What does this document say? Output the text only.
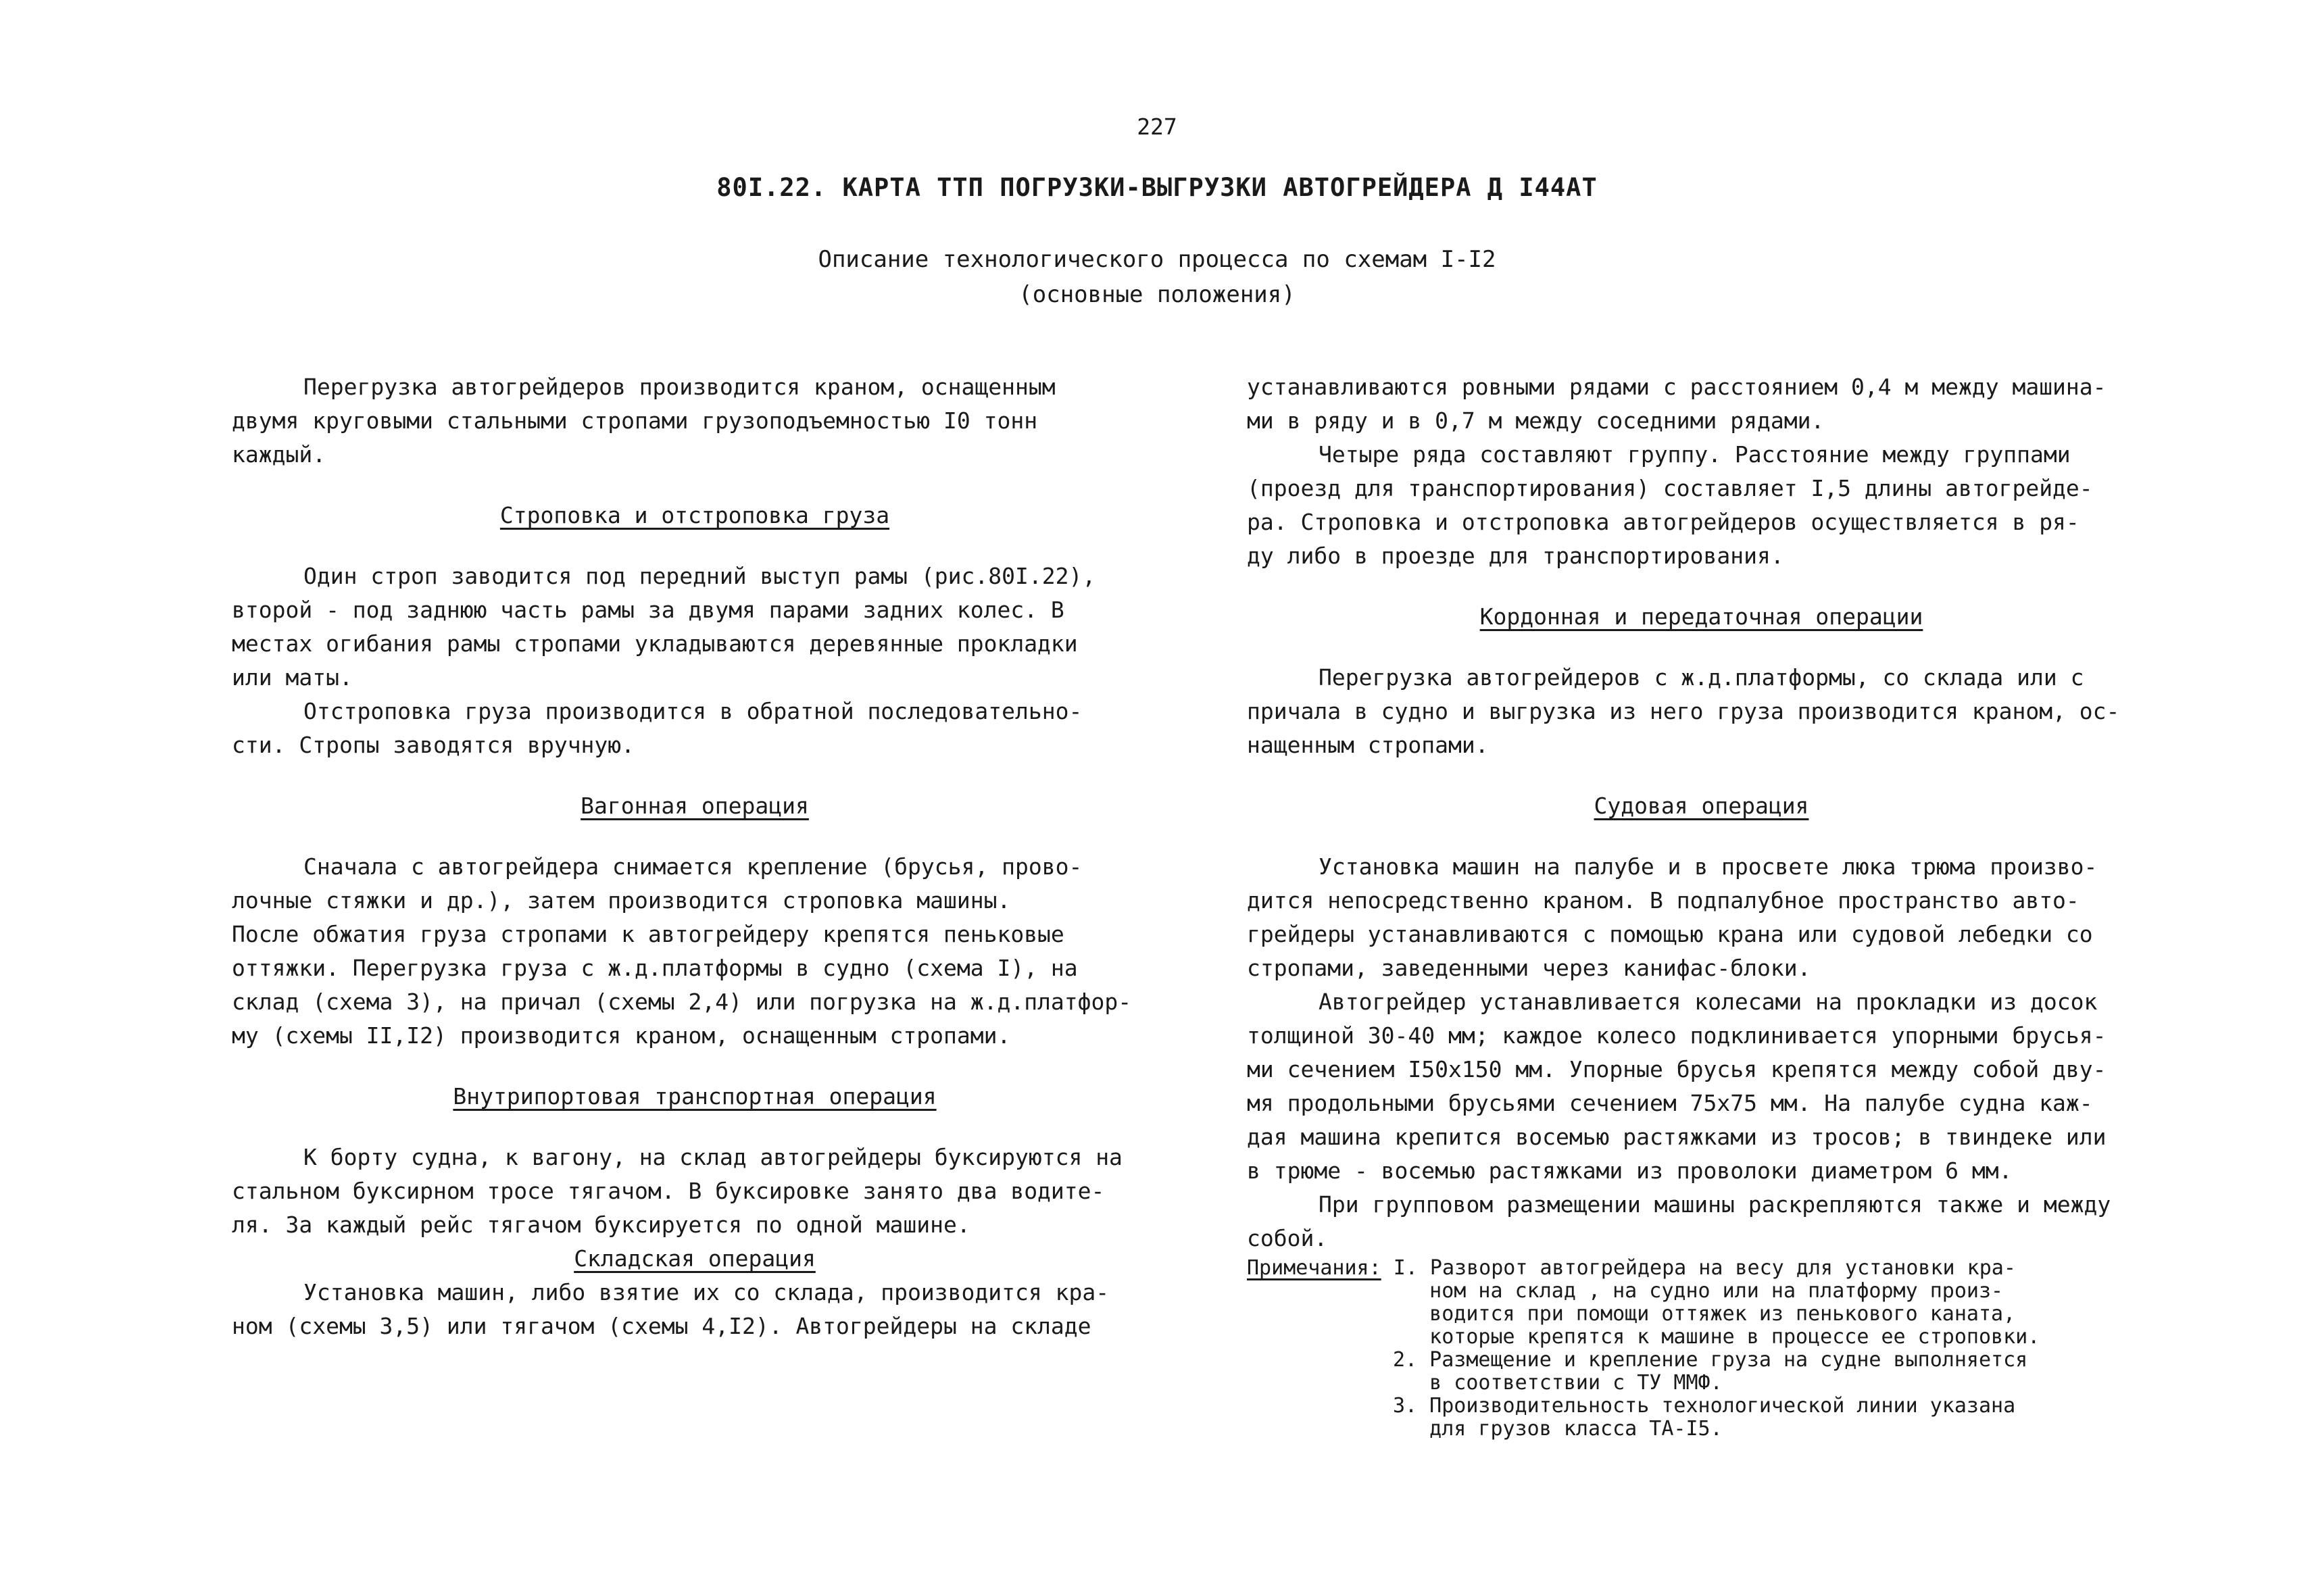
227
80I.22. КАРТА ТТП ПОГРУЗКИ-ВЫГРУЗКИ АВТОГРЕЙДЕРА Д I44АТ
Описание технологического процесса по схемам I-I2
(основные положения)
Перегрузка автогрейдеров производится краном, оснащенным
двумя круговыми стальными стропами грузоподъемностью I0 тонн
каждый.
Строповка и отстроповка груза
Один строп заводится под передний выступ рамы (рис.80I.22),
второй - под заднюю часть рамы за двумя парами задних колес. В
местах огибания рамы стропами укладываются деревянные прокладки
или маты.
Отстроповка груза производится в обратной последовательно-
сти. Стропы заводятся вручную.
Вагонная операция
Сначала с автогрейдера снимается крепление (брусья, прово-
лочные стяжки и др.), затем производится строповка машины.
После обжатия груза стропами к автогрейдеру крепятся пеньковые
оттяжки. Перегрузка груза с ж.д.платформы в судно (схема I), на
склад (схема 3), на причал (схемы 2,4) или погрузка на ж.д.платфор-
му (схемы II,I2) производится краном, оснащенным стропами.
Внутрипортовая транспортная операция
К борту судна, к вагону, на склад автогрейдеры буксируются на
стальном буксирном тросе тягачом. В буксировке занято два водите-
ля. За каждый рейс тягачом буксируется по одной машине.
Складская операция
Установка машин, либо взятие их со склада, производится кра-
ном (схемы 3,5) или тягачом (схемы 4,I2). Автогрейдеры на складе
устанавливаются ровными рядами с расстоянием 0,4 м между машина-
ми в ряду и в 0,7 м между соседними рядами.
Четыре ряда составляют группу. Расстояние между группами
(проезд для транспортирования) составляет I,5 длины автогрейде-
ра. Строповка и отстроповка автогрейдеров осуществляется в ря-
ду либо в проезде для транспортирования.
Кордонная и передаточная операции
Перегрузка автогрейдеров с ж.д.платформы, со склада или с
причала в судно и выгрузка из него груза производится краном, ос-
нащенным стропами.
Судовая операция
Установка машин на палубе и в просвете люка трюма произво-
дится непосредственно краном. В подпалубное пространство авто-
грейдеры устанавливаются с помощью крана или судовой лебедки со
стропами, заведенными через канифас-блоки.
Автогрейдер устанавливается колесами на прокладки из досок
толщиной 30-40 мм; каждое колесо подклинивается упорными брусья-
ми сечением I50х150 мм. Упорные брусья крепятся между собой дву-
мя продольными брусьями сечением 75х75 мм. На палубе судна каж-
дая машина крепится восемью растяжками из тросов; в твиндеке или
в трюме - восемью растяжками из проволоки диаметром 6 мм.
При групповом размещении машины раскрепляются также и между
собой.
Примечания: I. Разворот автогрейдера на весу для установки кра-
ном на склад , на судно или на платформу произ-
водится при помощи оттяжек из пенькового каната,
которые крепятся к машине в процессе ее строповки.
2. Размещение и крепление груза на судне выполняется
в соответствии с ТУ ММФ.
3. Производительность технологической линии указана
для грузов класса ТА-I5.
